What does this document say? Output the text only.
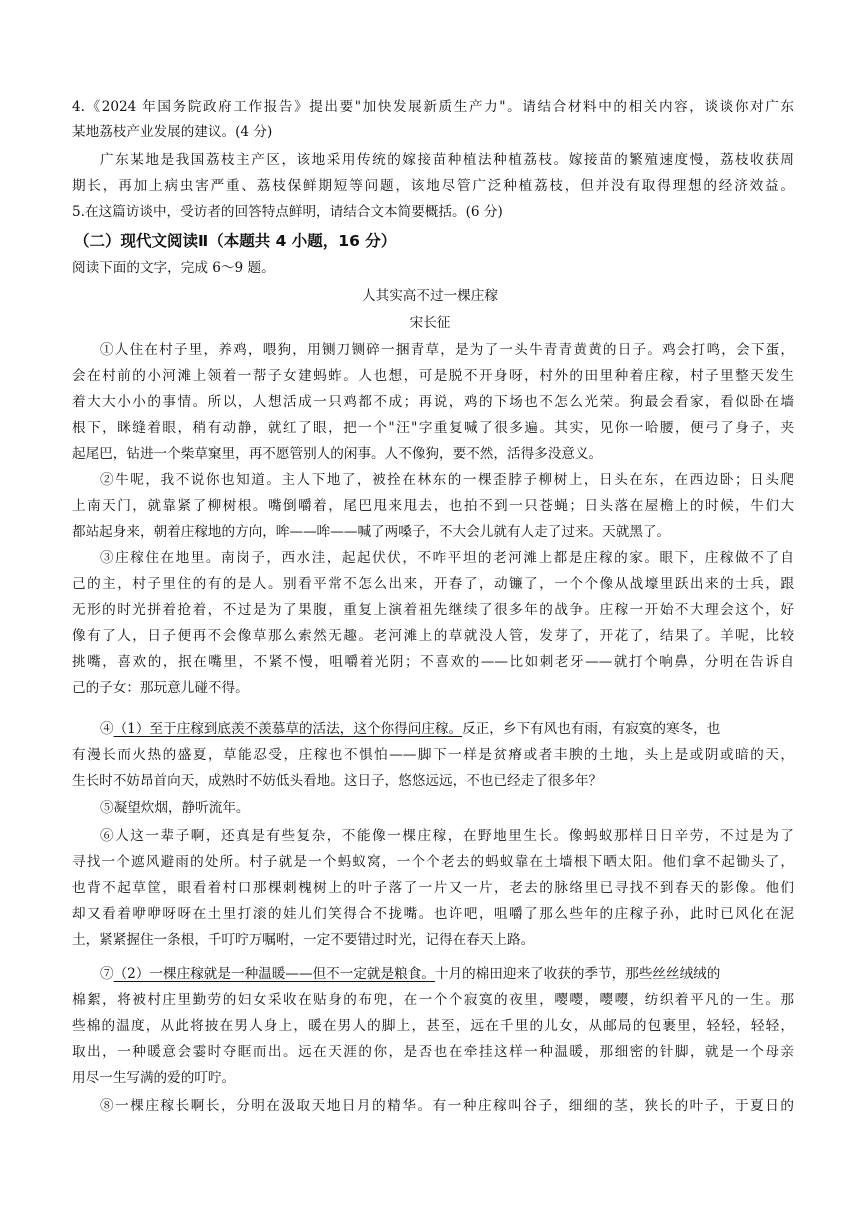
4.《2024 年国务院政府工作报告》提出要"加快发展新质生产力"。请结合材料中的相关内容，谈谈你对广东
某地荔枝产业发展的建议。(4 分)
广东某地是我国荔枝主产区，该地采用传统的嫁接苗种植法种植荔枝。嫁接苗的繁殖速度慢，荔枝收获周
期长，再加上病虫害严重、荔枝保鲜期短等问题，该地尽管广泛种植荔枝，但并没有取得理想的经济效益。
5.在这篇访谈中，受访者的回答特点鲜明，请结合文本简要概括。(6 分)
（二）现代文阅读Ⅱ（本题共 4 小题，16 分）
阅读下面的文字，完成 6～9 题。
人其实高不过一棵庄稼
宋长征
①人住在村子里，养鸡，喂狗，用铡刀铡碎一捆青草，是为了一头牛青青黄黄的日子。鸡会打鸣，会下蛋，
会在村前的小河滩上领着一帮子女建蚂蚱。人也想，可是脱不开身呀，村外的田里种着庄稼，村子里整天发生
着大大小小的事情。所以，人想活成一只鸡都不成；再说，鸡的下场也不怎么光荣。狗最会看家，看似卧在墙
根下，眯缝着眼，稍有动静，就红了眼，把一个"汪"字重复喊了很多遍。其实，见你一哈腰，便弓了身子，夹
起尾巴，钻进一个柴草窠里，再不愿管别人的闲事。人不像狗，要不然，活得多没意义。
②牛呢，我不说你也知道。主人下地了，被拴在林东的一棵歪脖子柳树上，日头在东，在西边卧；日头爬
上南天门，就靠紧了柳树根。嘴倒嚼着，尾巴甩来甩去，也拍不到一只苍蝇；日头落在屋檐上的时候，牛们大
都站起身来，朝着庄稼地的方向，哞——哞——喊了两嗓子，不大会儿就有人走了过来。天就黑了。
③庄稼住在地里。南岗子，西水洼，起起伏伏，不咋平坦的老河滩上都是庄稼的家。眼下，庄稼做不了自
己的主，村子里住的有的是人。别看平常不怎么出来，开春了，动镰了，一个个像从战壕里跃出来的士兵，跟
无形的时光拼着抢着，不过是为了果腹，重复上演着祖先继续了很多年的战争。庄稼一开始不大理会这个，好
像有了人，日子便再不会像草那么索然无趣。老河滩上的草就没人管，发芽了，开花了，结果了。羊呢，比较
挑嘴，喜欢的，抿在嘴里，不紧不慢，咀嚼着光阴；不喜欢的——比如刺老牙——就打个响鼻，分明在告诉自
己的子女：那玩意儿碰不得。
④（1）至于庄稼到底羡不羡慕草的活法，这个你得问庄稼。反正，乡下有风也有雨，有寂寞的寒冬，也
有漫长而火热的盛夏，草能忍受，庄稼也不惧怕——脚下一样是贫瘠或者丰腴的土地，头上是或阴或暗的天，
生长时不妨昂首向天，成熟时不妨低头看地。这日子，悠悠远远，不也已经走了很多年？
⑤凝望炊烟，静听流年。
⑥人这一辈子啊，还真是有些复杂，不能像一棵庄稼，在野地里生长。像蚂蚁那样日日辛劳，不过是为了
寻找一个遮风避雨的处所。村子就是一个蚂蚁窝，一个个老去的蚂蚁靠在土墙根下晒太阳。他们拿不起锄头了，
也背不起草筐，眼看着村口那棵刺槐树上的叶子落了一片又一片，老去的脉络里已寻找不到春天的影像。他们
却又看着咿咿呀呀在土里打滚的娃儿们笑得合不拢嘴。也许吧，咀嚼了那么些年的庄稼子孙，此时已风化在泥
土，紧紧握住一条根，千叮咛万嘱咐，一定不要错过时光，记得在春天上路。
⑦（2）一棵庄稼就是一种温暖——但不一定就是粮食。十月的棉田迎来了收获的季节，那些丝丝绒绒的
棉絮，将被村庄里勤劳的妇女采收在贴身的布兜，在一个个寂寞的夜里，嘤嘤，嘤嘤，纺织着平凡的一生。那
些棉的温度，从此将披在男人身上，暖在男人的脚上，甚至，远在千里的儿女，从邮局的包裹里，轻轻，轻轻，
取出，一种暖意会霎时夺眶而出。远在天涯的你，是否也在牵挂这样一种温暖，那细密的针脚，就是一个母亲
用尽一生写满的爱的叮咛。
⑧一棵庄稼长啊长，分明在汲取天地日月的精华。有一种庄稼叫谷子，细细的茎，狭长的叶子，于夏日的
